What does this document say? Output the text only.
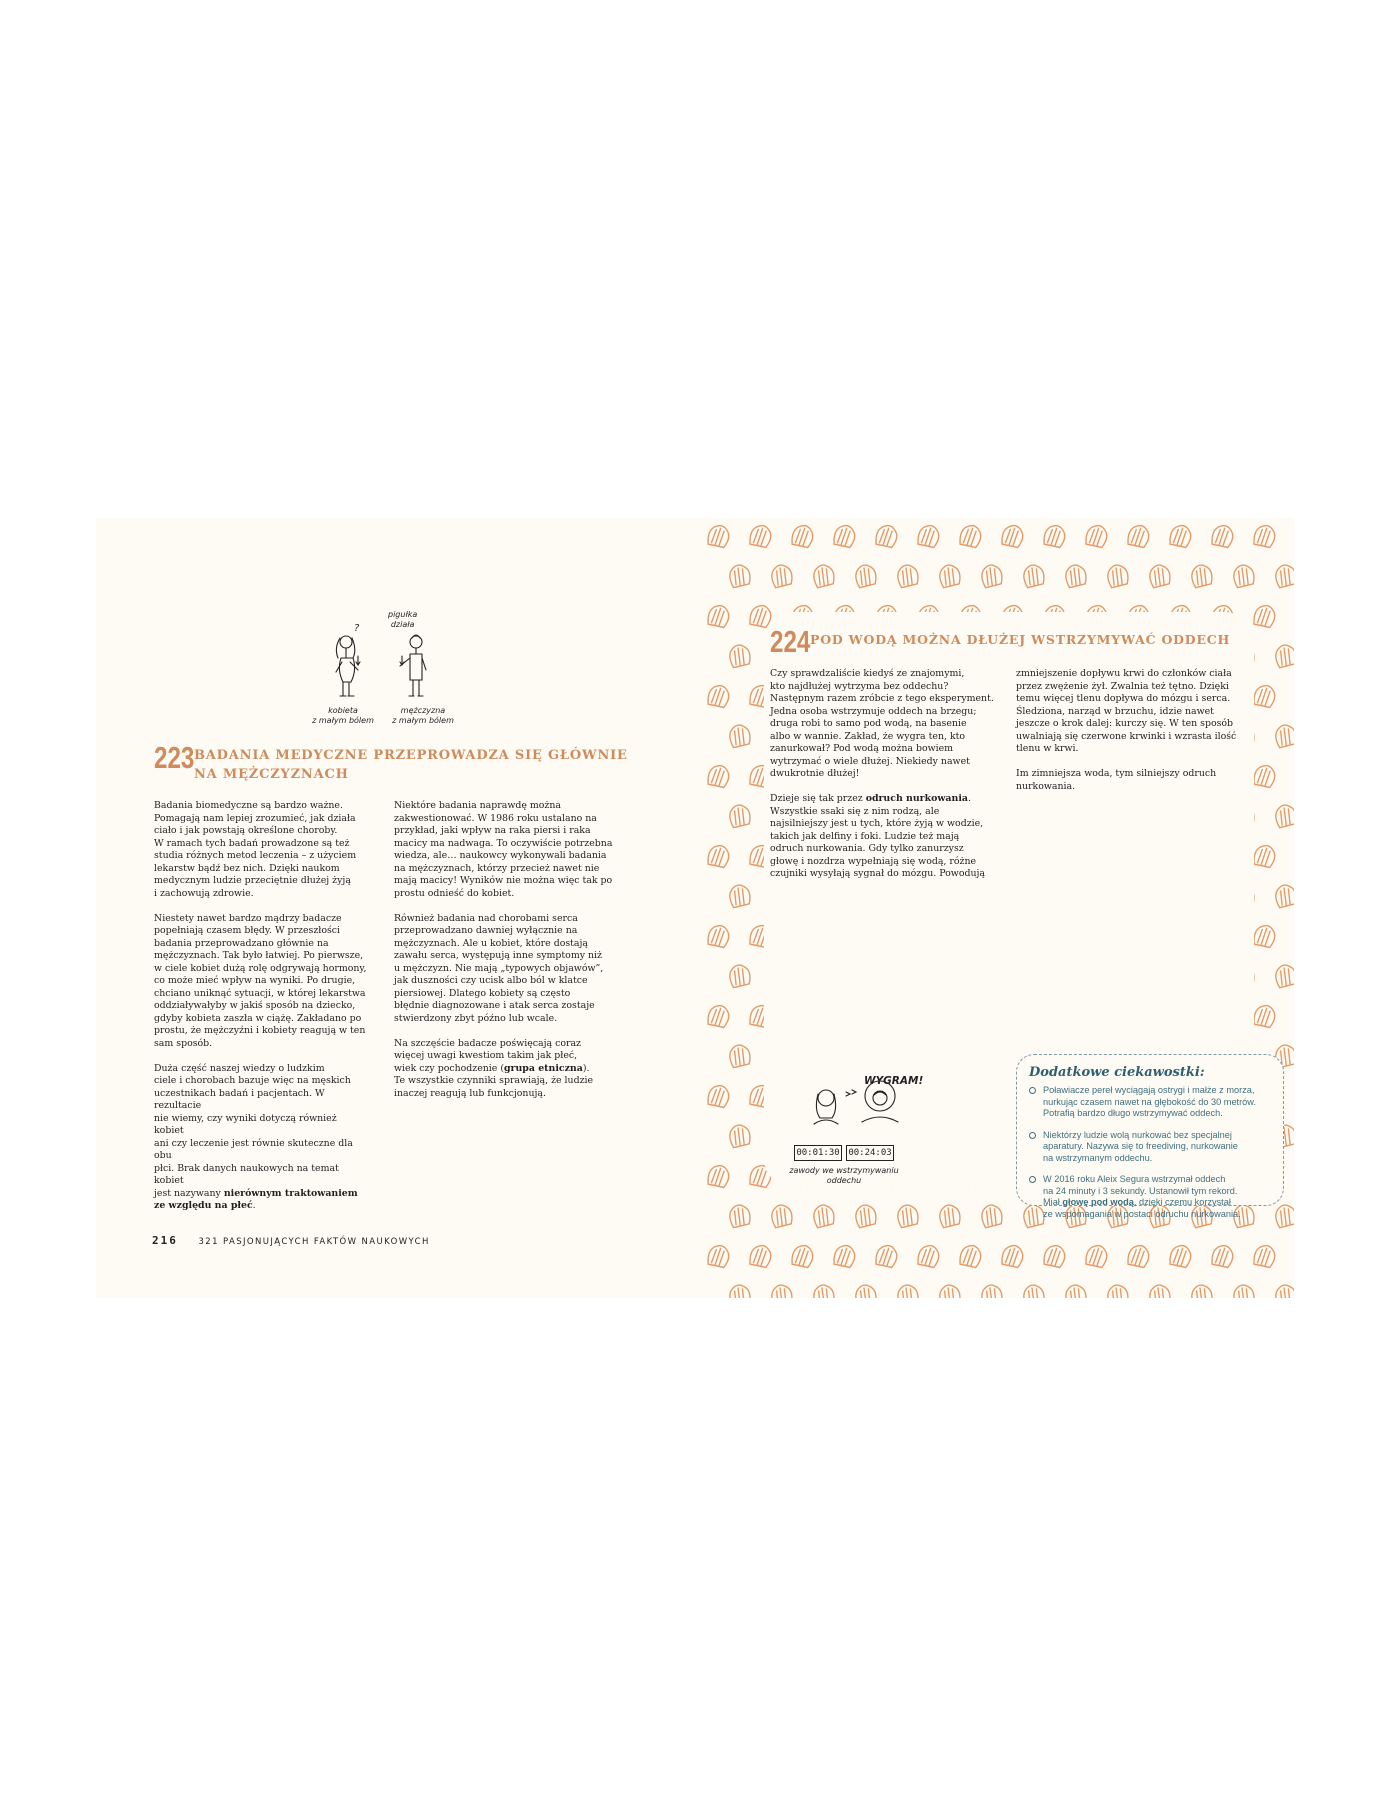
?
pigułka
działa
kobieta
z małym bólem
mężczyzna
z małym bólem
223 BADANIA MEDYCZNE PRZEPROWADZA SIĘ GŁÓWNIE
NA MĘŻCZYZNACH

Badania biomedyczne są bardzo ważne.
Pomagają nam lepiej zrozumieć, jak działa
ciało i jak powstają określone choroby.
W ramach tych badań prowadzone są też
studia różnych metod leczenia – z użyciem
lekarstw bądź bez nich. Dzięki naukom
medycznym ludzie przeciętnie dłużej żyją
i zachowują zdrowie.

Niestety nawet bardzo mądrzy badacze
popełniają czasem błędy. W przeszłości
badania przeprowadzano głównie na
mężczyznach. Tak było łatwiej. Po pierwsze,
w ciele kobiet dużą rolę odgrywają hormony,
co może mieć wpływ na wyniki. Po drugie,
chciano uniknąć sytuacji, w której lekarstwa
oddziaływałyby w jakiś sposób na dziecko,
gdyby kobieta zaszła w ciążę. Zakładano po
prostu, że mężczyźni i kobiety reagują w ten
sam sposób.

Duża część naszej wiedzy o ludzkim
ciele i chorobach bazuje więc na męskich
uczestnikach badań i pacjentach. W rezultacie
nie wiemy, czy wyniki dotyczą również kobiet
ani czy leczenie jest równie skuteczne dla obu
płci. Brak danych naukowych na temat kobiet
jest nazywany nierównym traktowaniem
ze względu na płeć.

Niektóre badania naprawdę można
zakwestionować. W 1986 roku ustalano na
przykład, jaki wpływ na raka piersi i raka
macicy ma nadwaga. To oczywiście potrzebna
wiedza, ale… naukowcy wykonywali badania
na mężczyznach, którzy przecież nawet nie
mają macicy! Wyników nie można więc tak po
prostu odnieść do kobiet.

Również badania nad chorobami serca
przeprowadzano dawniej wyłącznie na
mężczyznach. Ale u kobiet, które dostają
zawału serca, występują inne symptomy niż
u mężczyzn. Nie mają „typowych objawów”,
jak duszności czy ucisk albo ból w klatce
piersiowej. Dlatego kobiety są często
błędnie diagnozowane i atak serca zostaje
stwierdzony zbyt późno lub wcale.

Na szczęście badacze poświęcają coraz
więcej uwagi kwestiom takim jak płeć,
wiek czy pochodzenie (grupa etniczna).
Te wszystkie czynniki sprawiają, że ludzie
inaczej reagują lub funkcjonują.

216 321 PASJONUJĄCYCH FAKTÓW NAUKOWYCH
224 POD WODĄ MOŻNA DŁUŻEJ WSTRZYMYWAĆ ODDECH

Czy sprawdzaliście kiedyś ze znajomymi,
kto najdłużej wytrzyma bez oddechu?
Następnym razem zróbcie z tego eksperyment.
Jedna osoba wstrzymuje oddech na brzegu;
druga robi to samo pod wodą, na basenie
albo w wannie. Zakład, że wygra ten, kto
zanurkował? Pod wodą można bowiem
wytrzymać o wiele dłużej. Niekiedy nawet
dwukrotnie dłużej!

Dzieje się tak przez odruch nurkowania.
Wszystkie ssaki się z nim rodzą, ale
najsilniejszy jest u tych, które żyją w wodzie,
takich jak delfiny i foki. Ludzie też mają
odruch nurkowania. Gdy tylko zanurzysz
głowę i nozdrza wypełniają się wodą, różne
czujniki wysyłają sygnał do mózgu. Powodują

zmniejszenie dopływu krwi do członków ciała
przez zwężenie żył. Zwalnia też tętno. Dzięki
temu więcej tlenu dopływa do mózgu i serca.
Śledziona, narząd w brzuchu, idzie nawet
jeszcze o krok dalej: kurczy się. W ten sposób
uwalniają się czerwone krwinki i wzrasta ilość
tlenu w krwi.

Im zimniejsza woda, tym silniejszy odruch
nurkowania.

WYGRAM!
00:01:30 00:24:03
zawody we wstrzymywaniu
oddechu
Dodatkowe ciekawostki:
Poławiacze pereł wyciągają ostrygi i małże z morza,
nurkując czasem nawet na głębokość do 30 metrów.
Potrafią bardzo długo wstrzymywać oddech.
Niektórzy ludzie wolą nurkować bez specjalnej
aparatury. Nazywa się to freediving, nurkowanie
na wstrzymanym oddechu.
W 2016 roku Aleix Segura wstrzymał oddech
na 24 minuty i 3 sekundy. Ustanowił tym rekord.
Miał głowę pod wodą, dzięki czemu korzystał
ze wspomagania w postaci odruchu nurkowania.
